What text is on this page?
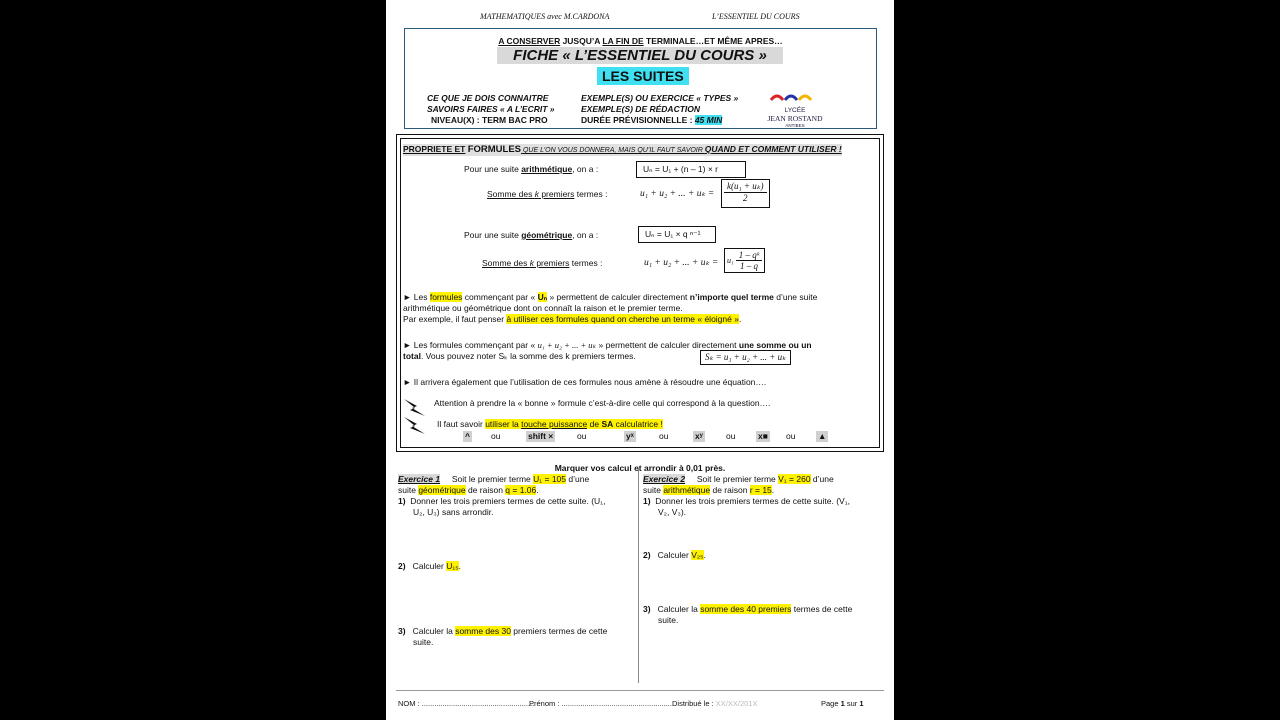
MATHEMATIQUES avec M.CARDONA	L’ESSENTIEL DU COURS
A CONSERVER JUSQU’A LA FIN DE TERMINALE…ET MÊME APRES…
FICHE « L’ESSENTIEL DU COURS »
LES SUITES
CE QUE JE DOIS CONNAITRE
SAVOIRS FAIRES « A L’ECRIT »
NIVEAU(X) : TERM BAC PRO
EXEMPLE(S) OU EXERCICE « TYPES »
EXEMPLE(S) DE RÉDACTION
DURÉE PRÉVISIONNELLE : 45 MIN
LYCÉE
JEAN ROSTAND
ANTIBES
PROPRIETE ET FORMULES QUE L’ON VOUS DONNERA, MAIS QU’IL FAUT SAVOIR QUAND ET COMMENT UTILISER !
Pour une suite arithmétique, on a :	Uₙ = U₁ + (n – 1) × r
Somme des k premiers termes :	u₁ + u₂ + ... + $u_k = \frac{\text{k(u₁ + uₖ)}}{2}$
Pour une suite géométrique, on a :	Uₙ = U₁ × q ⁿ⁻¹
Somme des k premiers termes :	u₁ + u₂ + ... + $u_k = u_1 \frac{\text{1 – qᵏ}}{1 - q}$
► Les formules commençant par « Uₙ » permettent de calculer directement n’importe quel terme d’une suite
arithmétique ou géométrique dont on connaît la raison et le premier terme.
Par exemple, il faut penser à utiliser ces formules quand on cherche un terme « éloigné ».
► Les formules commençant par « u₁ + u₂ + ... + uₖ » permettent de calculer directement une somme ou un
total. Vous pouvez noter Sₖ la somme des k premiers termes.	Sₖ = u₁ + u₂ + ... + uₖ
► Il arrivera également que l’utilisation de ces formules nous amène à résoudre une équation….
Attention à prendre la « bonne » formule c’est-à-dire celle qui correspond à la question….
Il faut savoir utiliser la touche puissance de SA calculatrice !
^ ou	shift ×	ou	yˣ	ou	xʸ	ou	x■ ou	▲
Marquer vos calcul et arrondir à 0,01 près.
Exercice 1 Soit le premier terme U₁ = 105 d’une
suite géométrique de raison q = 1.06.
1) Donner les trois premiers termes de cette suite. (U₁,
U₂, U₃) sans arrondir.
2) Calculer U₁₅.
3) Calculer la somme des 30 premiers termes de cette
suite.
Exercice 2 Soit le premier terme V₁ = 260 d’une
suite arithmétique de raison r = 15.
1) Donner les trois premiers termes de cette suite. (V₁,
V₂, V₃).
2) Calculer V₂₅.
3) Calculer la somme des 40 premiers termes de cette
suite.
NOM : ......................................................
Prénom : ......................................................
Distribué le : XX/XX/201X	Page 1 sur 1
